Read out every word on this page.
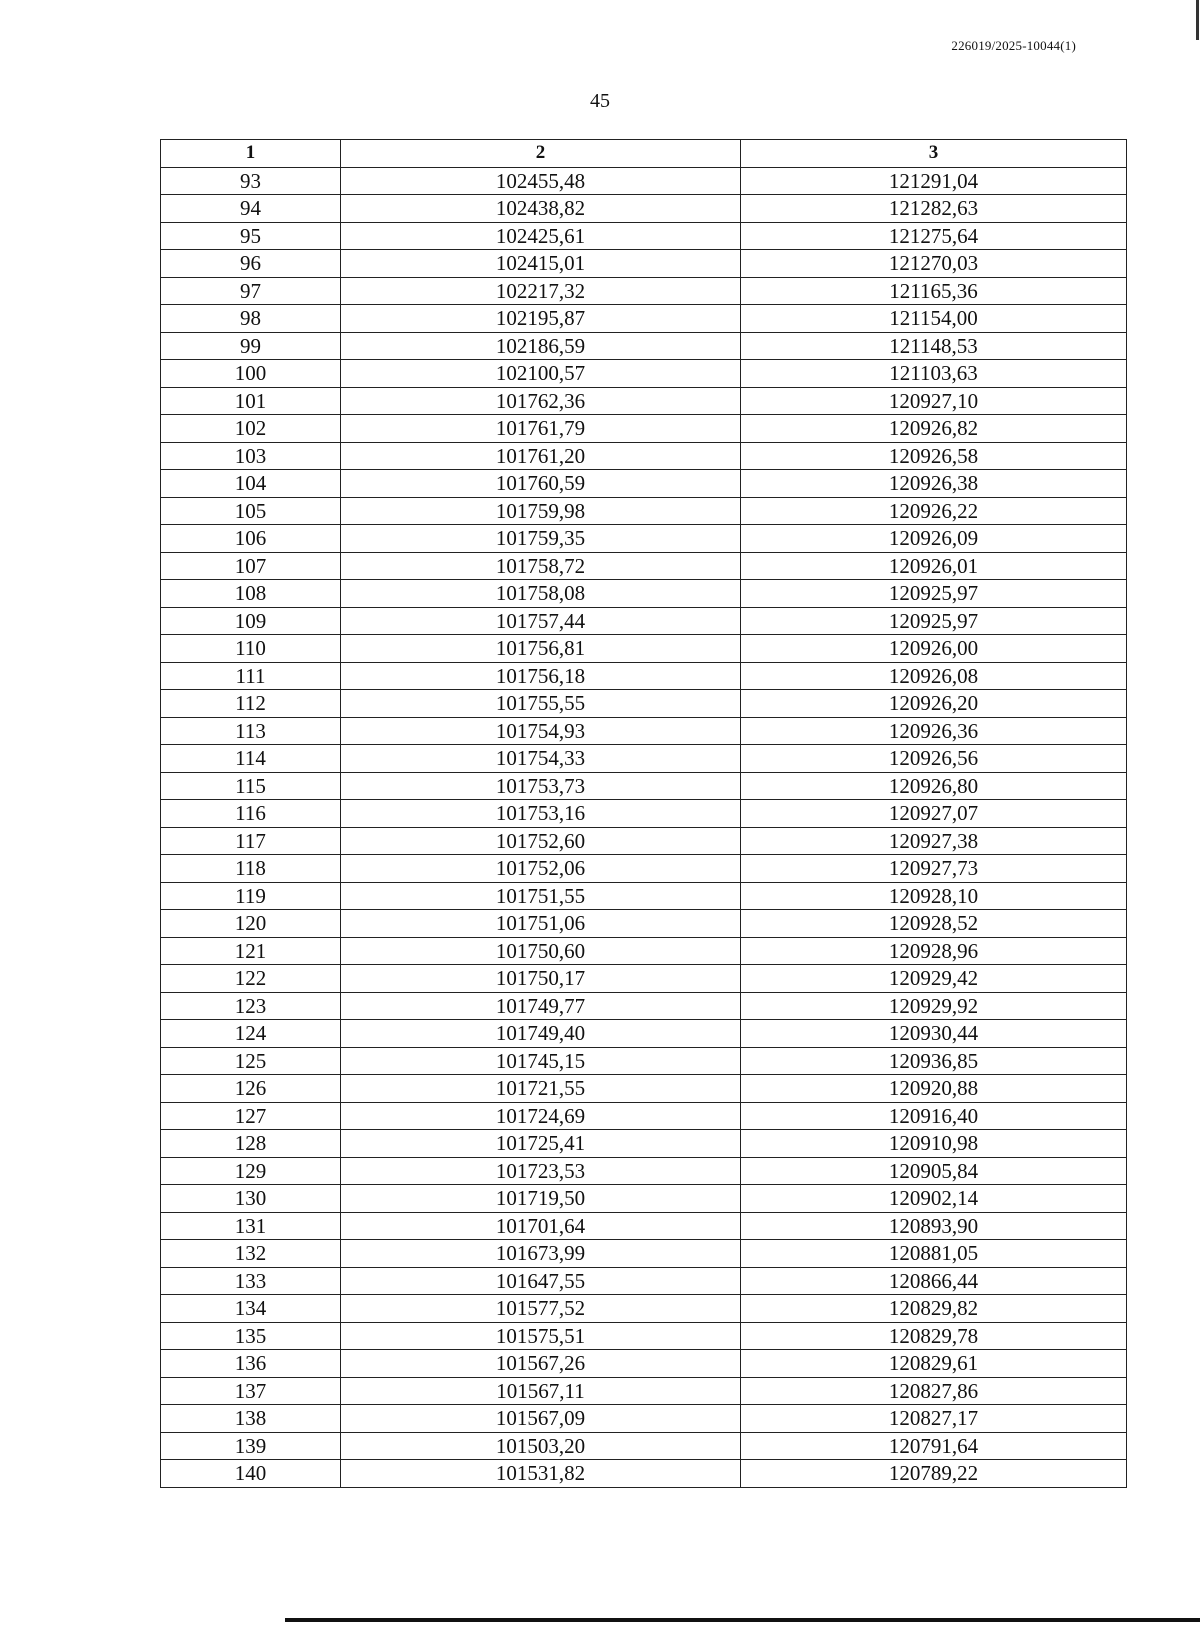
226019/2025-10044(1)
45
1	2	3
93	102455,48	121291,04
94	102438,82	121282,63
95	102425,61	121275,64
96	102415,01	121270,03
97	102217,32	121165,36
98	102195,87	121154,00
99	102186,59	121148,53
100	102100,57	121103,63
101	101762,36	120927,10
102	101761,79	120926,82
103	101761,20	120926,58
104	101760,59	120926,38
105	101759,98	120926,22
106	101759,35	120926,09
107	101758,72	120926,01
108	101758,08	120925,97
109	101757,44	120925,97
110	101756,81	120926,00
111	101756,18	120926,08
112	101755,55	120926,20
113	101754,93	120926,36
114	101754,33	120926,56
115	101753,73	120926,80
116	101753,16	120927,07
117	101752,60	120927,38
118	101752,06	120927,73
119	101751,55	120928,10
120	101751,06	120928,52
121	101750,60	120928,96
122	101750,17	120929,42
123	101749,77	120929,92
124	101749,40	120930,44
125	101745,15	120936,85
126	101721,55	120920,88
127	101724,69	120916,40
128	101725,41	120910,98
129	101723,53	120905,84
130	101719,50	120902,14
131	101701,64	120893,90
132	101673,99	120881,05
133	101647,55	120866,44
134	101577,52	120829,82
135	101575,51	120829,78
136	101567,26	120829,61
137	101567,11	120827,86
138	101567,09	120827,17
139	101503,20	120791,64
140	101531,82	120789,22
